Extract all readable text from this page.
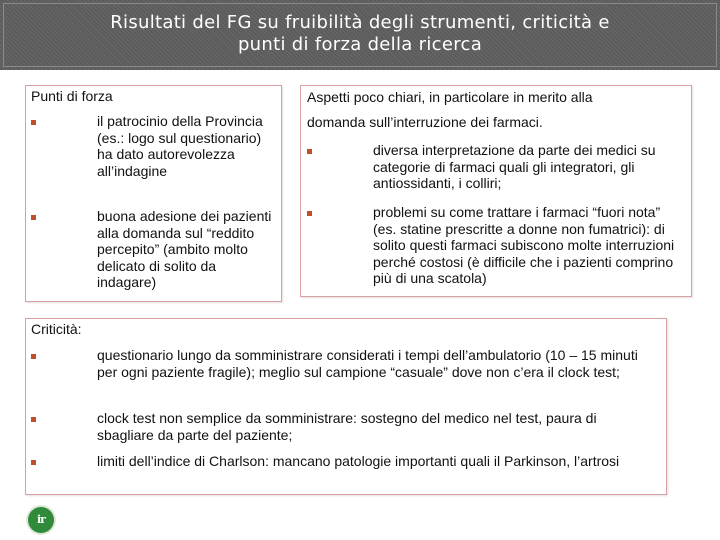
Risultati del FG su fruibilità degli strumenti, criticità e
punti di forza della ricerca
Punti di forza
il patrocinio della Provincia (es.: logo sul questionario) ha dato autorevolezza all’indagine
buona adesione dei pazienti alla domanda sul “reddito percepito” (ambito molto delicato di solito da indagare)
Aspetti poco chiari, in particolare in merito alla
domanda sull’interruzione dei farmaci.
diversa interpretazione da parte dei medici su categorie di farmaci quali gli integratori, gli antiossidanti, i colliri;
problemi su come trattare i farmaci “fuori nota” (es. statine prescritte a donne non fumatrici): di solito questi farmaci subiscono molte interruzioni perché costosi (è difficile che i pazienti comprino più di una scatola)
Criticità:
questionario lungo da somministrare considerati i tempi dell’ambulatorio (10 – 15 minuti per ogni paziente fragile); meglio sul campione “casuale” dove non c’era il clock test;
clock test non semplice da somministrare: sostegno del medico nel test, paura di sbagliare da parte del paziente;
limiti dell’indice di Charlson: mancano patologie importanti quali il Parkinson, l’artrosi
ir
